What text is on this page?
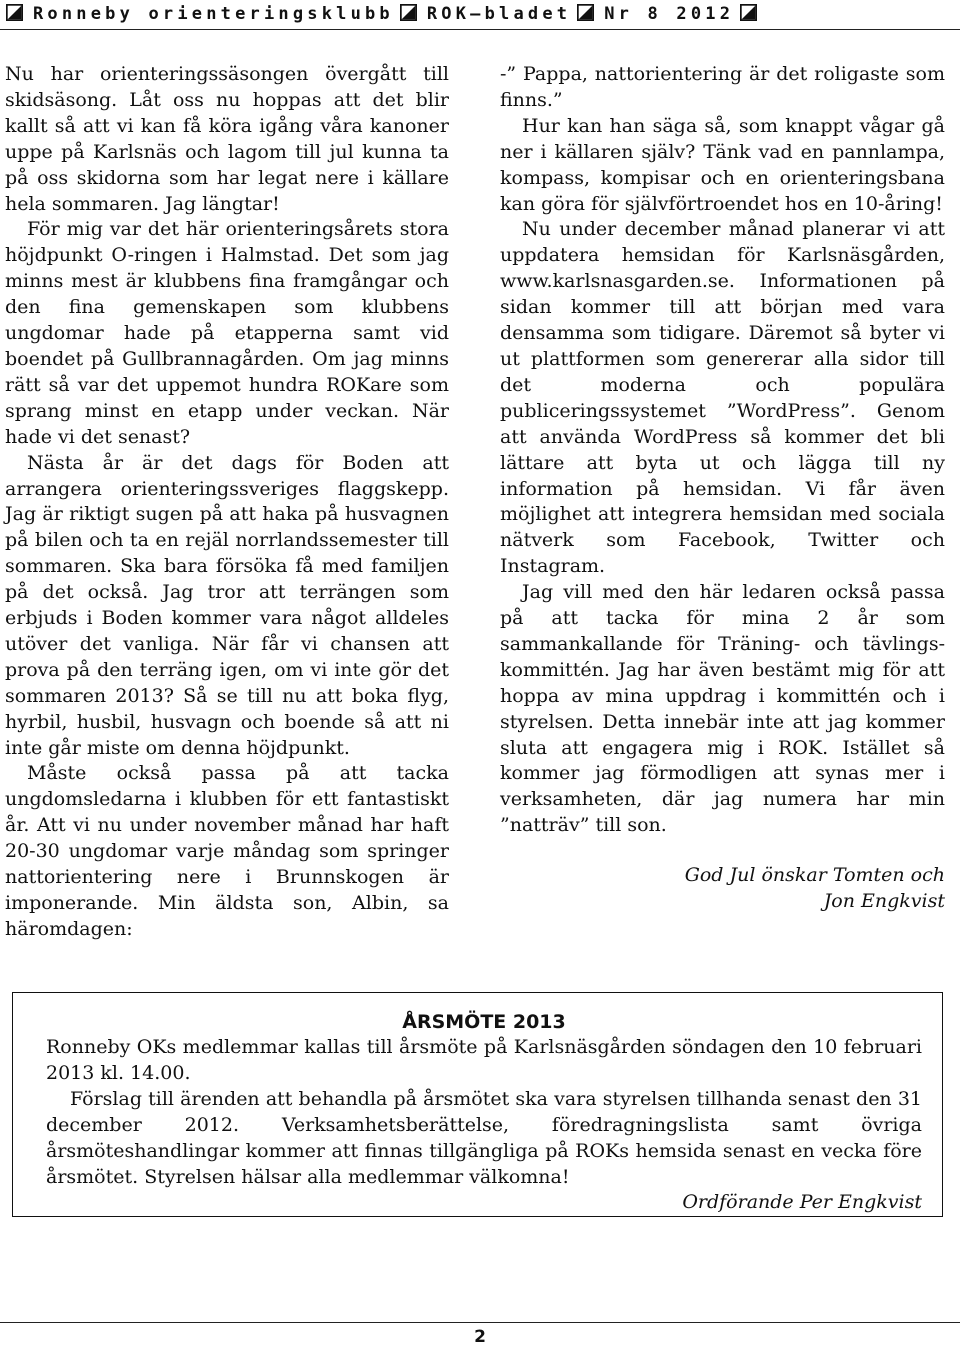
Ronneby orienteringsklubb ROK–bladet Nr 8 2012

Nu har orienteringssäsongen övergått till skidsäsong. Låt oss nu hoppas att det blir kallt så att vi kan få köra igång våra kanoner uppe på Karlsnäs och lagom till jul kunna ta på oss skidorna som har legat nere i källare hela sommaren. Jag längtar!

För mig var det här orienteringsårets stora höjdpunkt O-ringen i Halmstad. Det som jag minns mest är klubbens fina framgångar och den fina gemenskapen som klubbens ungdomar hade på etapperna samt vid boendet på Gullbrannagården. Om jag minns rätt så var det uppemot hundra ROKare som sprang minst en etapp under veckan. När hade vi det senast?

Nästa år är det dags för Boden att arrangera orienteringssveriges flaggskepp. Jag är riktigt sugen på att haka på husvagnen på bilen och ta en rejäl norrlandssemester till sommaren. Ska bara försöka få med familjen på det också. Jag tror att terrängen som erbjuds i Boden kommer vara något alldeles utöver det vanliga. När får vi chansen att prova på den terräng igen, om vi inte gör det sommaren 2013? Så se till nu att boka flyg, hyrbil, husbil, husvagn och boende så att ni inte går miste om denna höjdpunkt.

Måste också passa på att tacka ungdomsledarna i klubben för ett fantastiskt år. Att vi nu under november månad har haft 20-30 ungdomar varje måndag som springer nattorientering nere i Brunnskogen är imponerande. Min äldsta son, Albin, sa häromdagen:

-” Pappa, nattorientering är det roligaste som finns.”

Hur kan han säga så, som knappt vågar gå ner i källaren själv? Tänk vad en pannlampa, kompass, kompisar och en orienteringsbana kan göra för självförtroendet hos en 10-åring!

Nu under december månad planerar vi att uppdatera hemsidan för Karlsnäsgården, www.karlsnasgarden.se. Informationen på sidan kommer till att början med vara densamma som tidigare. Däremot så byter vi ut plattformen som genererar alla sidor till det moderna och populära publiceringssystemet ”WordPress”. Genom att använda WordPress så kommer det bli lättare att byta ut och lägga till ny information på hemsidan. Vi får även möjlighet att integrera hemsidan med sociala nätverk som Facebook, Twitter och Instagram.

Jag vill med den här ledaren också passa på att tacka för mina 2 år som sammankallande för Träning- och tävlings-kommittén. Jag har även bestämt mig för att hoppa av mina uppdrag i kommittén och i styrelsen. Detta innebär inte att jag kommer sluta att engagera mig i ROK. Istället så kommer jag förmodligen att synas mer i verksamheten, där jag numera har min ”natträv” till son.

God Jul önskar Tomten och
Jon Engkvist

ÅRSMÖTE 2013

Ronneby OKs medlemmar kallas till årsmöte på Karlsnäsgården söndagen den 10 februari 2013 kl. 14.00.

Förslag till ärenden att behandla på årsmötet ska vara styrelsen tillhanda senast den 31 december 2012. Verksamhetsberättelse, föredragningslista samt övriga årsmöteshandlingar kommer att finnas tillgängliga på ROKs hemsida senast en vecka före årsmötet. Styrelsen hälsar alla medlemmar välkomna!

Ordförande Per Engkvist

2
